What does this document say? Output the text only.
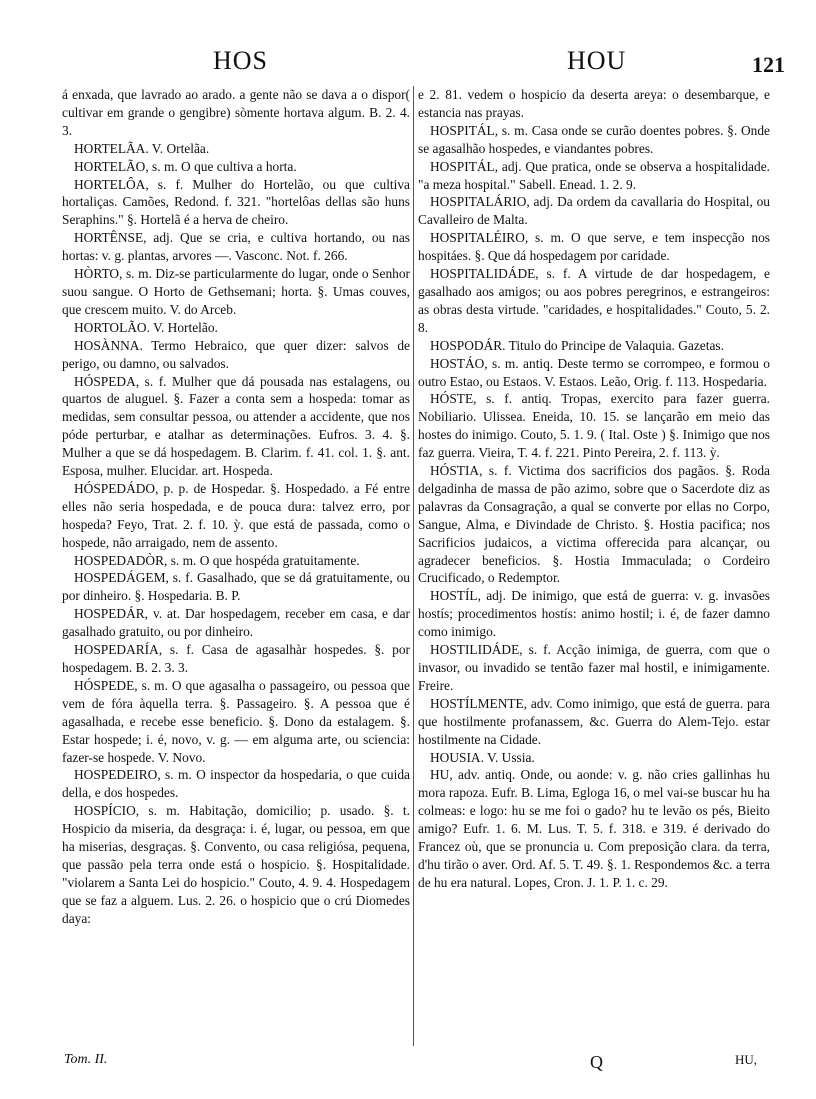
HOS	HOU	121

á enxada, que lavrado ao arado. a gente não se dava a o dispor( cultivar em grande o gengibre) sòmente hortava algum. B. 2. 4. 3.

HORTELÃA. V. Ortelãa.

HORTELÃO, s. m. O que cultiva a horta.

HORTELÔA, s. f. Mulher do Hortelão, ou que cultiva hortaliças. Camões, Redond. f. 321. "hortelôas dellas são huns Seraphins." §. Hortelã é a herva de cheiro.

HORTÊNSE, adj. Que se cria, e cultiva hortando, ou nas hortas: v. g. plantas, arvores —. Vasconc. Not. f. 266.

HÒRTO, s. m. Diz-se particularmente do lugar, onde o Senhor suou sangue. O Horto de Gethsemani; horta. §. Umas couves, que crescem muito. V. do Arceb.

HORTOLÃO. V. Hortelão.

HOSÀNNA. Termo Hebraico, que quer dizer: salvos de perigo, ou damno, ou salvados.

HÓSPEDA, s. f. Mulher que dá pousada nas estalagens, ou quartos de aluguel. §. Fazer a conta sem a hospeda: tomar as medidas, sem consultar pessoa, ou attender a accidente, que nos póde perturbar, e atalhar as determinações. Eufros. 3. 4. §. Mulher a que se dá hospedagem. B. Clarim. f. 41. col. 1. §. ant. Esposa, mulher. Elucidar. art. Hospeda.

HÓSPEDÁDO, p. p. de Hospedar. §. Hospedado. a Fé entre elles não seria hospedada, e de pouca dura: talvez erro, por hospeda? Feyo, Trat. 2. f. 10. ỳ. que está de passada, como o hospede, não arraigado, nem de assento.

HOSPEDADÒR, s. m. O que hospéda gratuitamente.

HOSPEDÁGEM, s. f. Gasalhado, que se dá gratuitamente, ou por dinheiro. §. Hospedaria. B. P.

HOSPEDÁR, v. at. Dar hospedagem, receber em casa, e dar gasalhado gratuito, ou por dinheiro.

HOSPEDARÍA, s. f. Casa de agasalhàr hospedes. §. por hospedagem. B. 2. 3. 3.

HÓSPEDE, s. m. O que agasalha o passageiro, ou pessoa que vem de fóra àquella terra. §. Passageiro. §. A pessoa que é agasalhada, e recebe esse beneficio. §. Dono da estalagem. §. Estar hospede; i. é, novo, v. g. — em alguma arte, ou sciencia: fazer-se hospede. V. Novo.

HOSPEDEIRO, s. m. O inspector da hospedaria, o que cuida della, e dos hospedes.

HOSPÍCIO, s. m. Habitação, domicilio; p. usado. §. t. Hospicio da miseria, da desgraça: i. é, lugar, ou pessoa, em que ha miserias, desgraças. §. Convento, ou casa religiósa, pequena, que passão pela terra onde está o hospicio. §. Hospitalidade. "violarem a Santa Lei do hospicio." Couto, 4. 9. 4. Hospedagem que se faz a alguem. Lus. 2. 26. o hospicio que o crú Diomedes daya:

e 2. 81. vedem o hospicio da deserta areya: o desembarque, e estancia nas prayas.

HOSPITÁL, s. m. Casa onde se curão doentes pobres. §. Onde se agasalhão hospedes, e viandantes pobres.

HOSPITÁL, adj. Que pratica, onde se observa a hospitalidade. "a meza hospital." Sabell. Enead. 1. 2. 9.

HOSPITALÁRIO, adj. Da ordem da cavallaria do Hospital, ou Cavalleiro de Malta.

HOSPITALÉIRO, s. m. O que serve, e tem inspecção nos hospitáes. §. Que dá hospedagem por caridade.

HOSPITALIDÁDE, s. f. A virtude de dar hospedagem, e gasalhado aos amigos; ou aos pobres peregrinos, e estrangeiros: as obras desta virtude. "caridades, e hospitalidades." Couto, 5. 2. 8.

HOSPODÁR. Titulo do Principe de Valaquia. Gazetas.

HOSTÁO, s. m. antiq. Deste termo se corrompeo, e formou o outro Estao, ou Estaos. V. Estaos. Leão, Orig. f. 113. Hospedaria.

HÓSTE, s. f. antiq. Tropas, exercito para fazer guerra. Nobiliario. Ulissea. Eneida, 10. 15. se lançarão em meio das hostes do inimigo. Couto, 5. 1. 9. ( Ital. Oste ) §. Inimigo que nos faz guerra. Vieira, T. 4. f. 221. Pinto Pereira, 2. f. 113. ỳ.

HÓSTIA, s. f. Victima dos sacrificios dos pagãos. §. Roda delgadinha de massa de pão azimo, sobre que o Sacerdote diz as palavras da Consagração, a qual se converte por ellas no Corpo, Sangue, Alma, e Divindade de Christo. §. Hostia pacifica; nos Sacrificios judaicos, a victima offerecida para alcançar, ou agradecer beneficios. §. Hostia Immaculada; o Cordeiro Crucificado, o Redemptor.

HOSTÍL, adj. De inimigo, que está de guerra: v. g. invasões hostís; procedimentos hostís: animo hostil; i. é, de fazer damno como inimigo.

HOSTILIDÁDE, s. f. Acção inimiga, de guerra, com que o invasor, ou invadido se tentão fazer mal hostil, e inimigamente. Freire.

HOSTÍLMENTE, adv. Como inimigo, que está de guerra. para que hostilmente profanassem, &c. Guerra do Alem-Tejo. estar hostilmente na Cidade.

HOUSIA. V. Ussia.

HU, adv. antiq. Onde, ou aonde: v. g. não cries gallinhas hu mora rapoza. Eufr. B. Lima, Egloga 16, o mel vai-se buscar hu ha colmeas: e logo: hu se me foi o gado? hu te levão os pés, Bieito amigo? Eufr. 1. 6. M. Lus. T. 5. f. 318. e 319. é derivado do Francez où, que se pronuncia u. Com preposição clara. da terra, d'hu tirão o aver. Ord. Af. 5. T. 49. §. 1. Respondemos &c. a terra de hu era natural. Lopes, Cron. J. 1. P. 1. c. 29.

Tom. II.	Q	HU,
